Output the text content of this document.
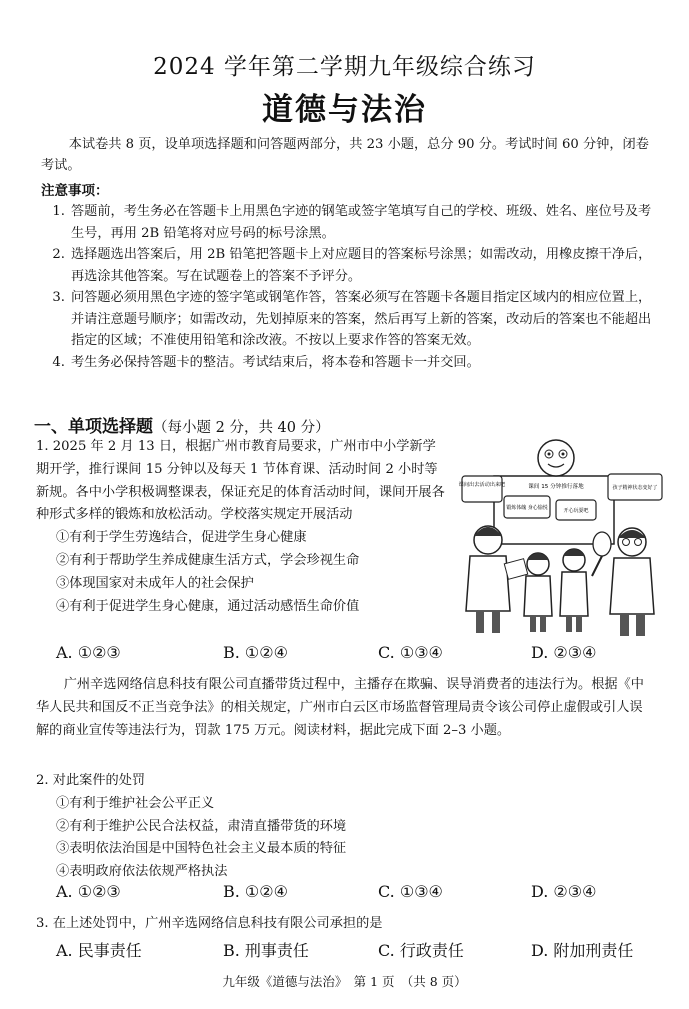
2024 学年第二学期九年级综合练习
道德与法治
本试卷共 8 页，设单项选择题和问答题两部分，共 23 小题，总分 90 分。考试时间 60 分钟，闭卷考试。
注意事项：
1. 答题前，考生务必在答题卡上用黑色字迹的钢笔或签字笔填写自己的学校、班级、姓名、座位号及考生号，再用 2B 铅笔将对应号码的标号涂黑。
2. 选择题选出答案后，用 2B 铅笔把答题卡上对应题目的答案标号涂黑；如需改动，用橡皮擦干净后，再选涂其他答案。写在试题卷上的答案不予评分。
3. 问答题必须用黑色字迹的签字笔或钢笔作答，答案必须写在答题卡各题目指定区域内的相应位置上，并请注意题号顺序；如需改动，先划掉原来的答案，然后再写上新的答案，改动后的答案也不能超出指定的区域；不准使用铅笔和涂改液。不按以上要求作答的答案无效。
4. 考生务必保持答题卡的整洁。考试结束后，将本卷和答题卡一并交回。
一、单项选择题（每小题 2 分，共 40 分）
1. 2025 年 2 月 13 日，根据广州市教育局要求，广州市中小学新学期开学，推行课间 15 分钟以及每天 1 节体育课、活动时间 2 小时等新规。各中小学积极调整课表，保证充足的体育活动时间，课间开展各种形式多样的锻炼和放松活动。学校落实规定开展活动
①有利于学生劳逸结合，促进学生身心健康
②有利于帮助学生养成健康生活方式，学会珍视生命
③体现国家对未成年人的社会保护
④有利于促进学生身心健康，通过活动感悟生命价值
A. ①②③	B. ①②④	C. ①③④	D. ②③④
课间出去活动出来吧	课间 15 分钟推行落地	孩子精神状态变好了
锻炼体魄 身心愉悦	开心玩耍吧
广州辛选网络信息科技有限公司直播带货过程中，主播存在欺骗、误导消费者的违法行为。根据《中华人民共和国反不正当竞争法》的相关规定，广州市白云区市场监督管理局责令该公司停止虚假或引人误解的商业宣传等违法行为，罚款 175 万元。阅读材料，据此完成下面 2–3 小题。
2. 对此案件的处罚
①有利于维护社会公平正义
②有利于维护公民合法权益，肃清直播带货的环境
③表明依法治国是中国特色社会主义最本质的特征
④表明政府依法依规严格执法
A. ①②③	B. ①②④	C. ①③④	D. ②③④
3. 在上述处罚中，广州辛选网络信息科技有限公司承担的是
A. 民事责任	B. 刑事责任	C. 行政责任	D. 附加刑责任
九年级《道德与法治》　第 1 页　（共 8 页）
